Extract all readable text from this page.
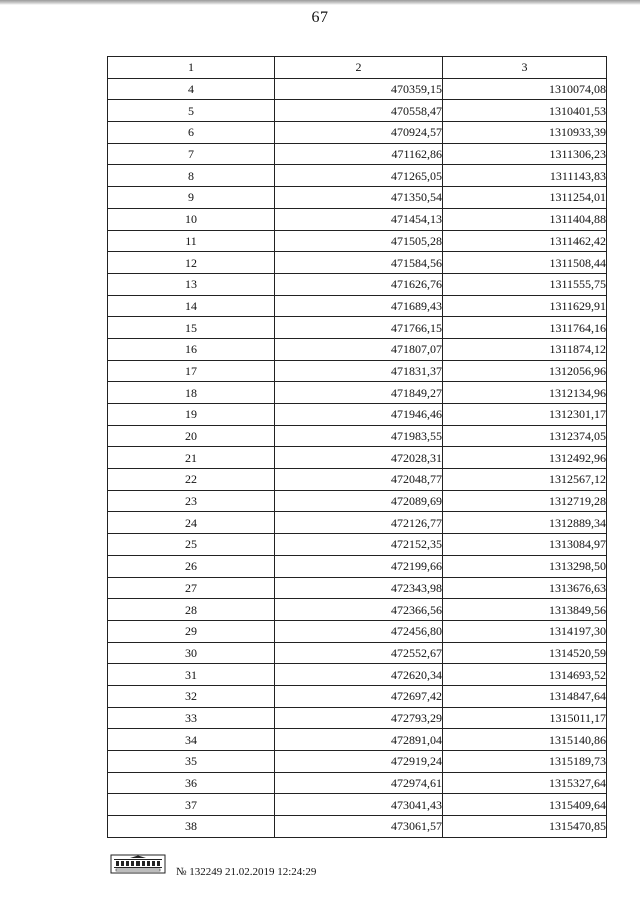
67
1	2	3
4	470359,15	1310074,08
5	470558,47	1310401,53
6	470924,57	1310933,39
7	471162,86	1311306,23
8	471265,05	1311143,83
9	471350,54	1311254,01
10	471454,13	1311404,88
11	471505,28	1311462,42
12	471584,56	1311508,44
13	471626,76	1311555,75
14	471689,43	1311629,91
15	471766,15	1311764,16
16	471807,07	1311874,12
17	471831,37	1312056,96
18	471849,27	1312134,96
19	471946,46	1312301,17
20	471983,55	1312374,05
21	472028,31	1312492,96
22	472048,77	1312567,12
23	472089,69	1312719,28
24	472126,77	1312889,34
25	472152,35	1313084,97
26	472199,66	1313298,50
27	472343,98	1313676,63
28	472366,56	1313849,56
29	472456,80	1314197,30
30	472552,67	1314520,59
31	472620,34	1314693,52
32	472697,42	1314847,64
33	472793,29	1315011,17
34	472891,04	1315140,86
35	472919,24	1315189,73
36	472974,61	1315327,64
37	473041,43	1315409,64
38	473061,57	1315470,85
№ 132249 21.02.2019 12:24:29
